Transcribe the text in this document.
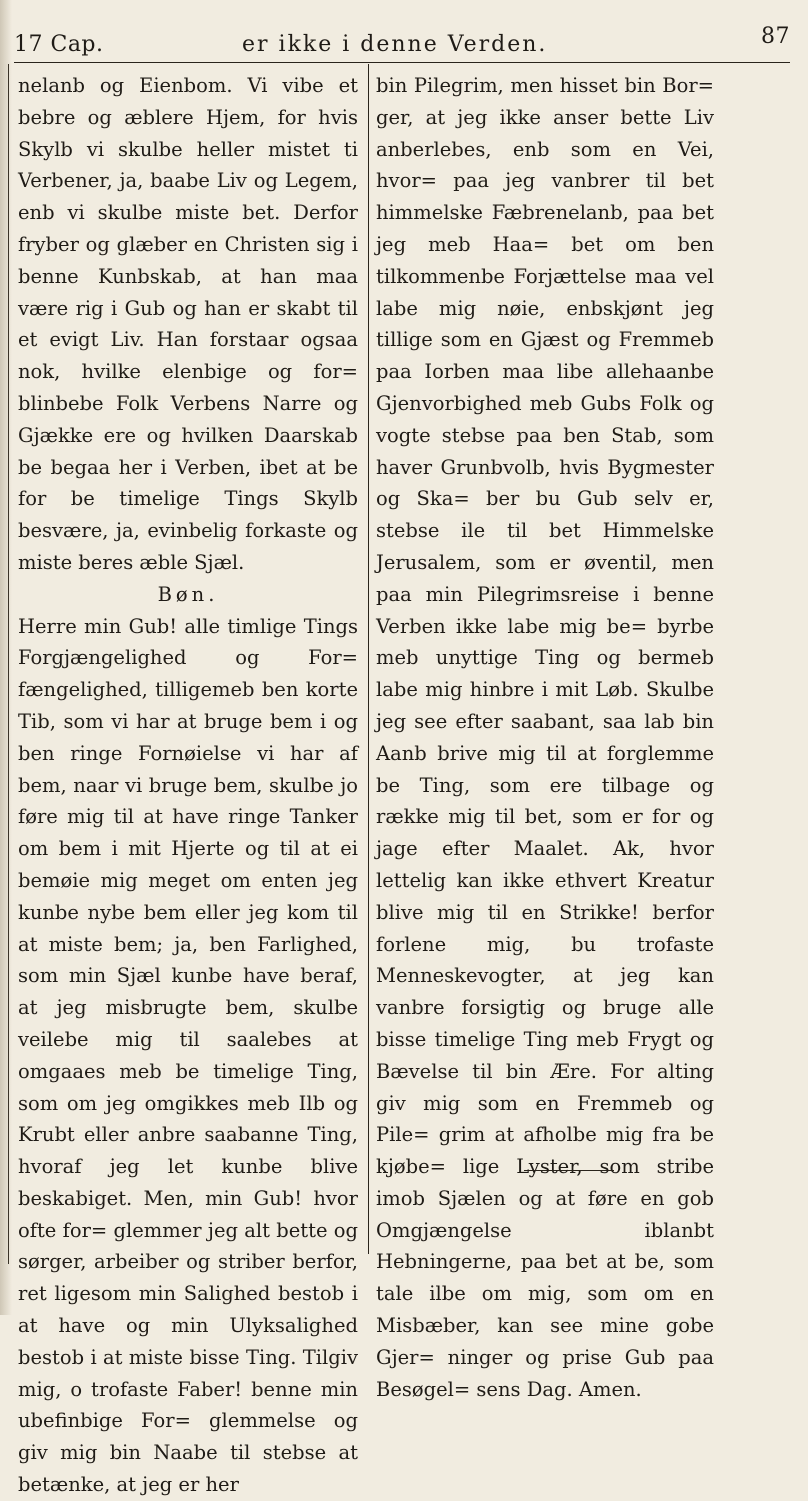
17 Cap.	er ikke i denne Verden.	87

nelanb og Eienbom. Vi vibe et bebre og æblere Hjem, for hvis Skylb vi skulbe heller mistet ti Verbener, ja, baabe Liv og Legem, enb vi skulbe miste bet. Derfor fryber og glæber en Christen sig i benne Kunbskab, at han maa være rig i Gub og han er skabt til et evigt Liv. Han forstaar ogsaa nok, hvilke elenbige og for= blinbebe Folk Verbens Narre og Gjække ere og hvilken Daarskab be begaa her i Verben, ibet at be for be timelige Tings Skylb besvære, ja, evinbelig forkaste og miste beres æble Sjæl.

Bøn.

Herre min Gub! alle timlige Tings Forgjængelighed og For= fængelighed, tilligemeb ben korte Tib, som vi har at bruge bem i og ben ringe Fornøielse vi har af bem, naar vi bruge bem, skulbe jo føre mig til at have ringe Tanker om bem i mit Hjerte og til at ei bemøie mig meget om enten jeg kunbe nybe bem eller jeg kom til at miste bem; ja, ben Farlighed, som min Sjæl kunbe have beraf, at jeg misbrugte bem, skulbe veilebe mig til saalebes at omgaaes meb be timelige Ting, som om jeg omgikkes meb Ilb og Krubt eller anbre saabanne Ting, hvoraf jeg let kunbe blive beskabiget. Men, min Gub! hvor ofte for= glemmer jeg alt bette og sørger, arbeiber og striber berfor, ret ligesom min Salighed bestob i at have og min Ulyksalighed bestob i at miste bisse Ting. Tilgiv mig, o trofaste Faber! benne min ubefinbige For= glemmelse og giv mig bin Naabe til stebse at betænke, at jeg er her

bin Pilegrim, men hisset bin Bor= ger, at jeg ikke anser bette Liv anberlebes, enb som en Vei, hvor= paa jeg vanbrer til bet himmelske Fæbrenelanb, paa bet jeg meb Haa= bet om ben tilkommenbe Forjættelse maa vel labe mig nøie, enbskjønt jeg tillige som en Gjæst og Fremmeb paa Iorben maa libe allehaanbe Gjenvorbighed meb Gubs Folk og vogte stebse paa ben Stab, som haver Grunbvolb, hvis Bygmester og Ska= ber bu Gub selv er, stebse ile til bet Himmelske Jerusalem, som er øventil, men paa min Pilegrimsreise i benne Verben ikke labe mig be= byrbe meb unyttige Ting og bermeb labe mig hinbre i mit Løb. Skulbe jeg see efter saabant, saa lab bin Aanb brive mig til at forglemme be Ting, som ere tilbage og række mig til bet, som er for og jage efter Maalet. Ak, hvor lettelig kan ikke ethvert Kreatur blive mig til en Strikke! berfor forlene mig, bu trofaste Menneskevogter, at jeg kan vanbre forsigtig og bruge alle bisse timelige Ting meb Frygt og Bævelse til bin Ære. For alting giv mig som en Fremmeb og Pile= grim at afholbe mig fra be kjøbe= lige Lyster, som stribe imob Sjælen og at føre en gob Omgjængelse iblanbt Hebningerne, paa bet at be, som tale ilbe om mig, som om en Misbæber, kan see mine gobe Gjer= ninger og prise Gub paa Besøgel= sens Dag. Amen.
